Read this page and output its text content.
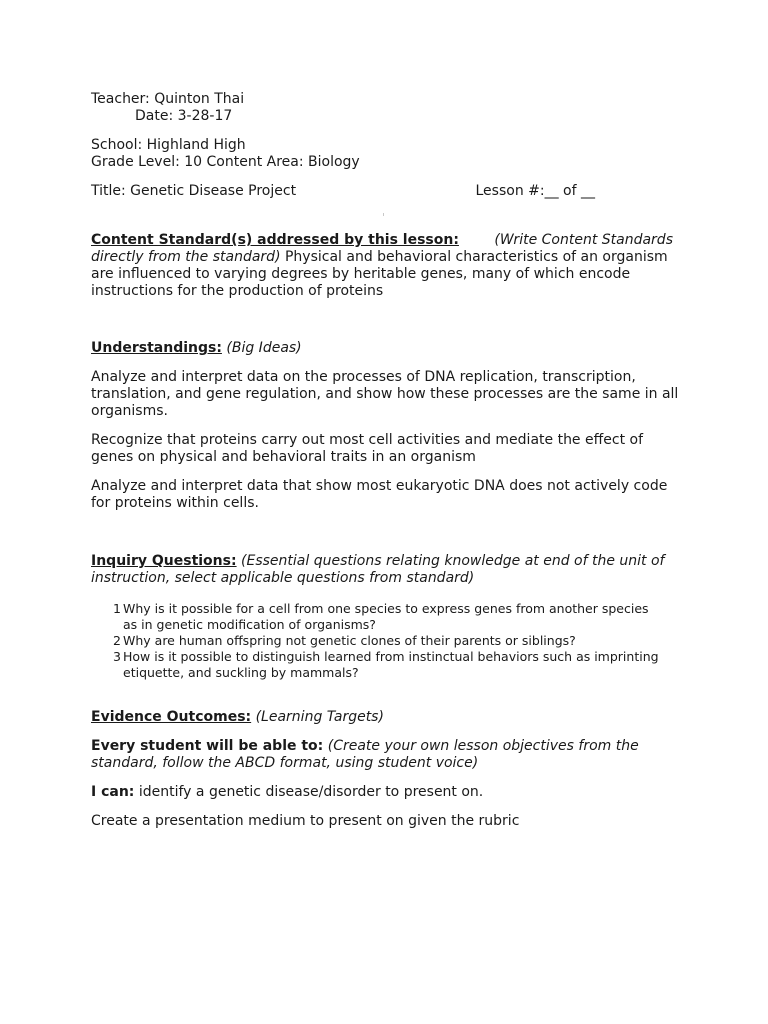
Teacher: Quinton Thai
Date: 3-28-17
School: Highland High
Grade Level: 10 Content Area: Biology
Title: Genetic Disease Project	Lesson #:__ of __
Content Standard(s) addressed by this lesson:	(Write Content Standards
directly from the standard) Physical and behavioral characteristics of an organism
are influenced to varying degrees by heritable genes, many of which encode
instructions for the production of proteins
Understandings: (Big Ideas)
Analyze and interpret data on the processes of DNA replication, transcription,
translation, and gene regulation, and show how these processes are the same in all
organisms.
Recognize that proteins carry out most cell activities and mediate the effect of
genes on physical and behavioral traits in an organism
Analyze and interpret data that show most eukaryotic DNA does not actively code
for proteins within cells.
Inquiry Questions: (Essential questions relating knowledge at end of the unit of
instruction, select applicable questions from standard)
1 Why is it possible for a cell from one species to express genes from another species
as in genetic modification of organisms?
2 Why are human offspring not genetic clones of their parents or siblings?
3 How is it possible to distinguish learned from instinctual behaviors such as imprinting
etiquette, and suckling by mammals?
Evidence Outcomes: (Learning Targets)
Every student will be able to: (Create your own lesson objectives from the
standard, follow the ABCD format, using student voice)
I can: identify a genetic disease/disorder to present on.
Create a presentation medium to present on given the rubric
